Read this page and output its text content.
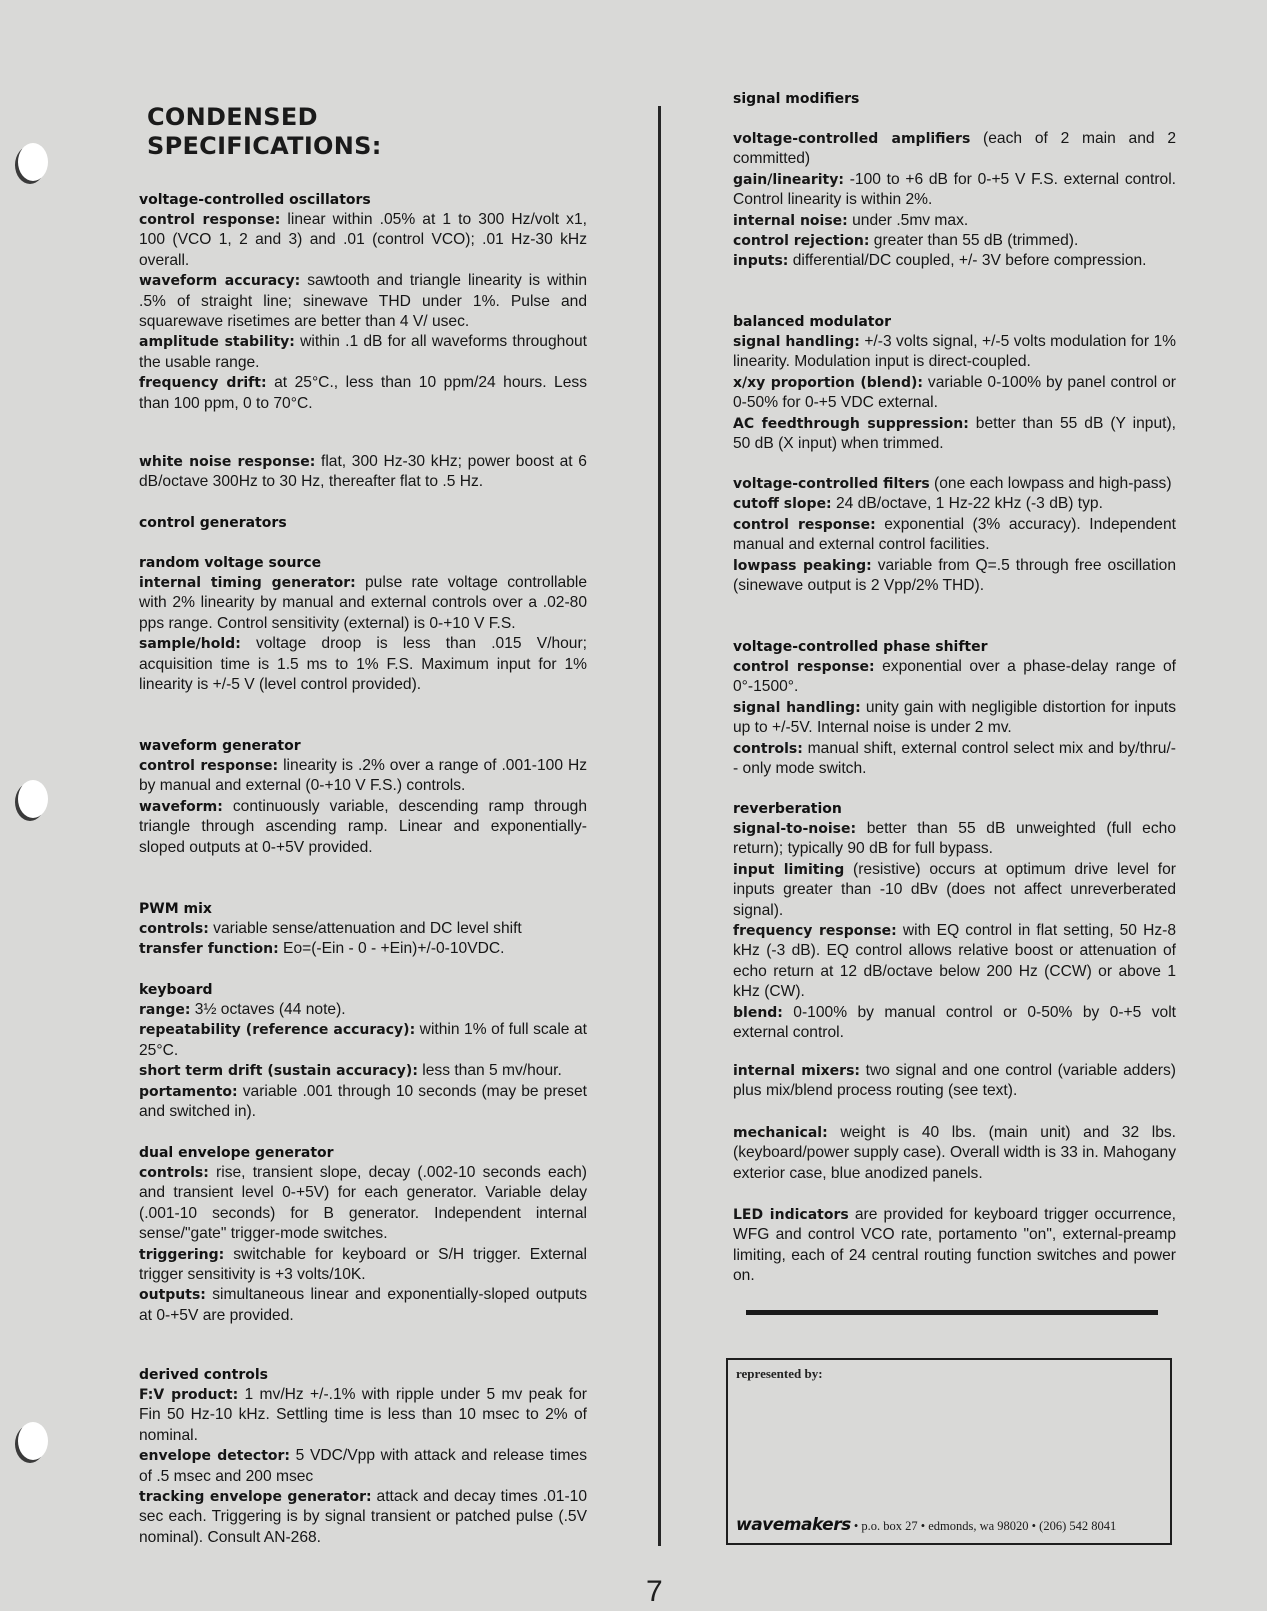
CONDENSED
SPECIFICATIONS:
voltage-controlled oscillators

control response: linear within .05% at 1 to 300 Hz/volt x1, 100 (VCO 1, 2 and 3) and .01 (control VCO); .01 Hz-30 kHz overall.

waveform accuracy: sawtooth and triangle linearity is within .5% of straight line; sinewave THD under 1%. Pulse and squarewave risetimes are better than 4 V/ usec.

amplitude stability: within .1 dB for all waveforms throughout the usable range.

frequency drift: at 25°C., less than 10 ppm/24 hours. Less than 100 ppm, 0 to 70°C.

white noise response: flat, 300 Hz-30 kHz; power boost at 6 dB/octave 300Hz to 30 Hz, thereafter flat to .5 Hz.

control generators
random voltage source

internal timing generator: pulse rate voltage controllable with 2% linearity by manual and external controls over a .02-80 pps range. Control sensitivity (external) is 0-+10 V F.S.

sample/hold: voltage droop is less than .015 V/hour; acquisition time is 1.5 ms to 1% F.S. Maximum input for 1% linearity is +/-5 V (level control provided).

waveform generator

control response: linearity is .2% over a range of .001-100 Hz by manual and external (0-+10 V F.S.) controls.

waveform: continuously variable, descending ramp through triangle through ascending ramp. Linear and exponentially-sloped outputs at 0-+5V provided.

PWM mix

controls: variable sense/attenuation and DC level shift

transfer function: Eo=(-Ein - 0 - +Ein)+/-0-10VDC.

keyboard

range: 3½ octaves (44 note).

repeatability (reference accuracy): within 1% of full scale at 25°C.

short term drift (sustain accuracy): less than 5 mv/hour.

portamento: variable .001 through 10 seconds (may be preset and switched in).

dual envelope generator

controls: rise, transient slope, decay (.002-10 seconds each) and transient level 0-+5V) for each generator. Variable delay (.001-10 seconds) for B generator. Independent internal sense/"gate" trigger-mode switches.

triggering: switchable for keyboard or S/H trigger. External trigger sensitivity is +3 volts/10K.

outputs: simultaneous linear and exponentially-sloped outputs at 0-+5V are provided.

derived controls

F:V product: 1 mv/Hz +/-.1% with ripple under 5 mv peak for Fin 50 Hz-10 kHz. Settling time is less than 10 msec to 2% of nominal.

envelope detector: 5 VDC/Vpp with attack and release times of .5 msec and 200 msec

tracking envelope generator: attack and decay times .01-10 sec each. Triggering is by signal transient or patched pulse (.5V nominal). Consult AN-268.

signal modifiers

voltage-controlled amplifiers (each of 2 main and 2 committed)

gain/linearity: -100 to +6 dB for 0-+5 V F.S. external control. Control linearity is within 2%.

internal noise: under .5mv max.

control rejection: greater than 55 dB (trimmed).

inputs: differential/DC coupled, +/- 3V before compression.

balanced modulator

signal handling: +/-3 volts signal, +/-5 volts modulation for 1% linearity. Modulation input is direct-coupled.

x/xy proportion (blend): variable 0-100% by panel control or 0-50% for 0-+5 VDC external.

AC feedthrough suppression: better than 55 dB (Y input), 50 dB (X input) when trimmed.

voltage-controlled filters (one each lowpass and high-pass)

cutoff slope: 24 dB/octave, 1 Hz-22 kHz (-3 dB) typ.

control response: exponential (3% accuracy). Independent manual and external control facilities.

lowpass peaking: variable from Q=.5 through free oscillation (sinewave output is 2 Vpp/2% THD).

voltage-controlled phase shifter

control response: exponential over a phase-delay range of 0°-1500°.

signal handling: unity gain with negligible distortion for inputs up to +/-5V. Internal noise is under 2 mv.

controls: manual shift, external control select mix and by/thru/- - only mode switch.

reverberation

signal-to-noise: better than 55 dB unweighted (full echo return); typically 90 dB for full bypass.

input limiting (resistive) occurs at optimum drive level for inputs greater than -10 dBv (does not affect unreverberated signal).

frequency response: with EQ control in flat setting, 50 Hz-8 kHz (-3 dB). EQ control allows relative boost or attenuation of echo return at 12 dB/octave below 200 Hz (CCW) or above 1 kHz (CW).

blend: 0-100% by manual control or 0-50% by 0-+5 volt external control.

internal mixers: two signal and one control (variable adders) plus mix/blend process routing (see text).

mechanical: weight is 40 lbs. (main unit) and 32 lbs. (keyboard/power supply case). Overall width is 33 in. Mahogany exterior case, blue anodized panels.

LED indicators are provided for keyboard trigger occurrence, WFG and control VCO rate, portamento "on", external-preamp limiting, each of 24 central routing function switches and power on.

represented by:
wavemakers • p.o. box 27 • edmonds, wa 98020 • (206) 542 8041
7
